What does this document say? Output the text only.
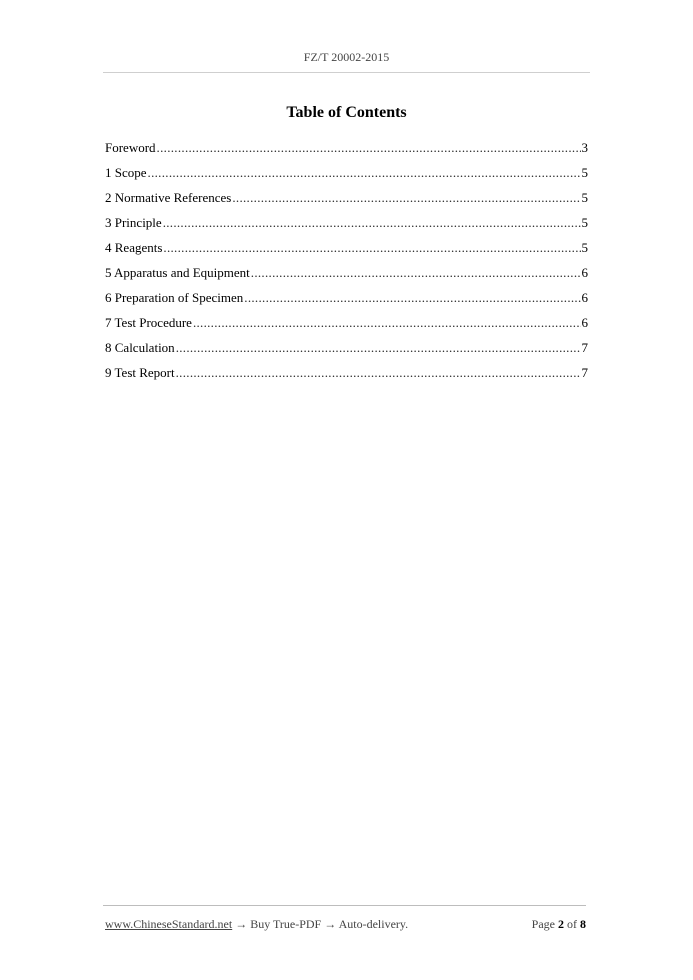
FZ/T 20002-2015
Table of Contents
Foreword .....	3
1 Scope .....	5
2 Normative References .....	5
3 Principle .....	5
4 Reagents .....	5
5 Apparatus and Equipment .....	6
6 Preparation of Specimen .....	6
7 Test Procedure .....	6
8 Calculation .....	7
9 Test Report .....	7
www.ChineseStandard.net → Buy True-PDF → Auto-delivery.	Page 2 of 8
